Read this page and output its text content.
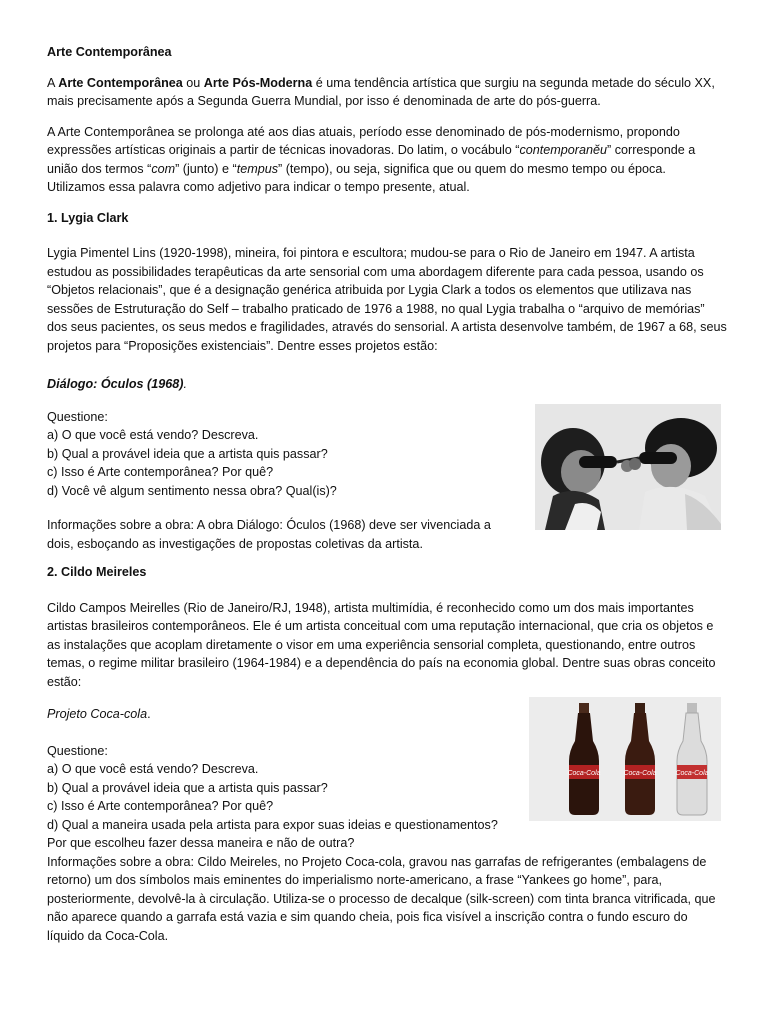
Arte Contemporânea

A Arte Contemporânea ou Arte Pós-Moderna é uma tendência artística que surgiu na segunda metade do século XX, mais precisamente após a Segunda Guerra Mundial, por isso é denominada de arte do pós-guerra.

A Arte Contemporânea se prolonga até aos dias atuais, período esse denominado de pós-modernismo, propondo expressões artísticas originais a partir de técnicas inovadoras. Do latim, o vocábulo “contemporanĕu” corresponde a união dos termos “com” (junto) e “tempus” (tempo), ou seja, significa que ou quem do mesmo tempo ou época. Utilizamos essa palavra como adjetivo para indicar o tempo presente, atual.

1. Lygia Clark

Lygia Pimentel Lins (1920-1998), mineira, foi pintora e escultora; mudou-se para o Rio de Janeiro em 1947. A artista estudou as possibilidades terapêuticas da arte sensorial com uma abordagem diferente para cada pessoa, usando os “Objetos relacionais”, que é a designação genérica atribuida por Lygia Clark a todos os elementos que utilizava nas sessões de Estruturação do Self – trabalho praticado de 1976 a 1988, no qual Lygia trabalha o “arquivo de memórias” dos seus pacientes, os seus medos e fragilidades, através do sensorial. A artista desenvolve também, de 1967 a 68, seus projetos para “Proposições existenciais”. Dentre esses projetos estão:

Diálogo: Óculos (1968).

Questione:

a) O que você está vendo? Descreva.
b) Qual a provável ideia que a artista quis passar?
c) Isso é Arte contemporânea? Por quê?
d) Você vê algum sentimento nessa obra? Qual(is)?

Informações sobre a obra: A obra Diálogo: Óculos (1968) deve ser vivenciada a dois, esboçando as investigações de propostas coletivas da artista.

2. Cildo Meireles

Cildo Campos Meirelles (Rio de Janeiro/RJ, 1948), artista multimídia, é reconhecido como um dos mais importantes artistas brasileiros contemporâneos. Ele é um artista conceitual com uma reputação internacional, que cria os objetos e as instalações que acoplam diretamente o visor em uma experiência sensorial completa, questionando, entre outros temas, o regime militar brasileiro (1964-1984) e a dependência do país na economia global. Dentre suas obras conceito estão:

Coca-Cola	Coca-Cola	Coca-Cola

Projeto Coca-cola.

Questione:

a) O que você está vendo? Descreva.
b) Qual a provável ideia que a artista quis passar?
c) Isso é Arte contemporânea? Por quê?
d) Qual a maneira usada pela artista para expor suas ideias e questionamentos?
Por que escolheu fazer dessa maneira e não de outra?

Informações sobre a obra: Cildo Meireles, no Projeto Coca-cola, gravou nas garrafas de refrigerantes (embalagens de retorno) um dos símbolos mais eminentes do imperialismo norte-americano, a frase “Yankees go home”, para, posteriormente, devolvê-la à circulação. Utiliza-se o processo de decalque (silk-screen) com tinta branca vitrificada, que não aparece quando a garrafa está vazia e sim quando cheia, pois fica visível a inscrição contra o fundo escuro do líquido da Coca-Cola.
